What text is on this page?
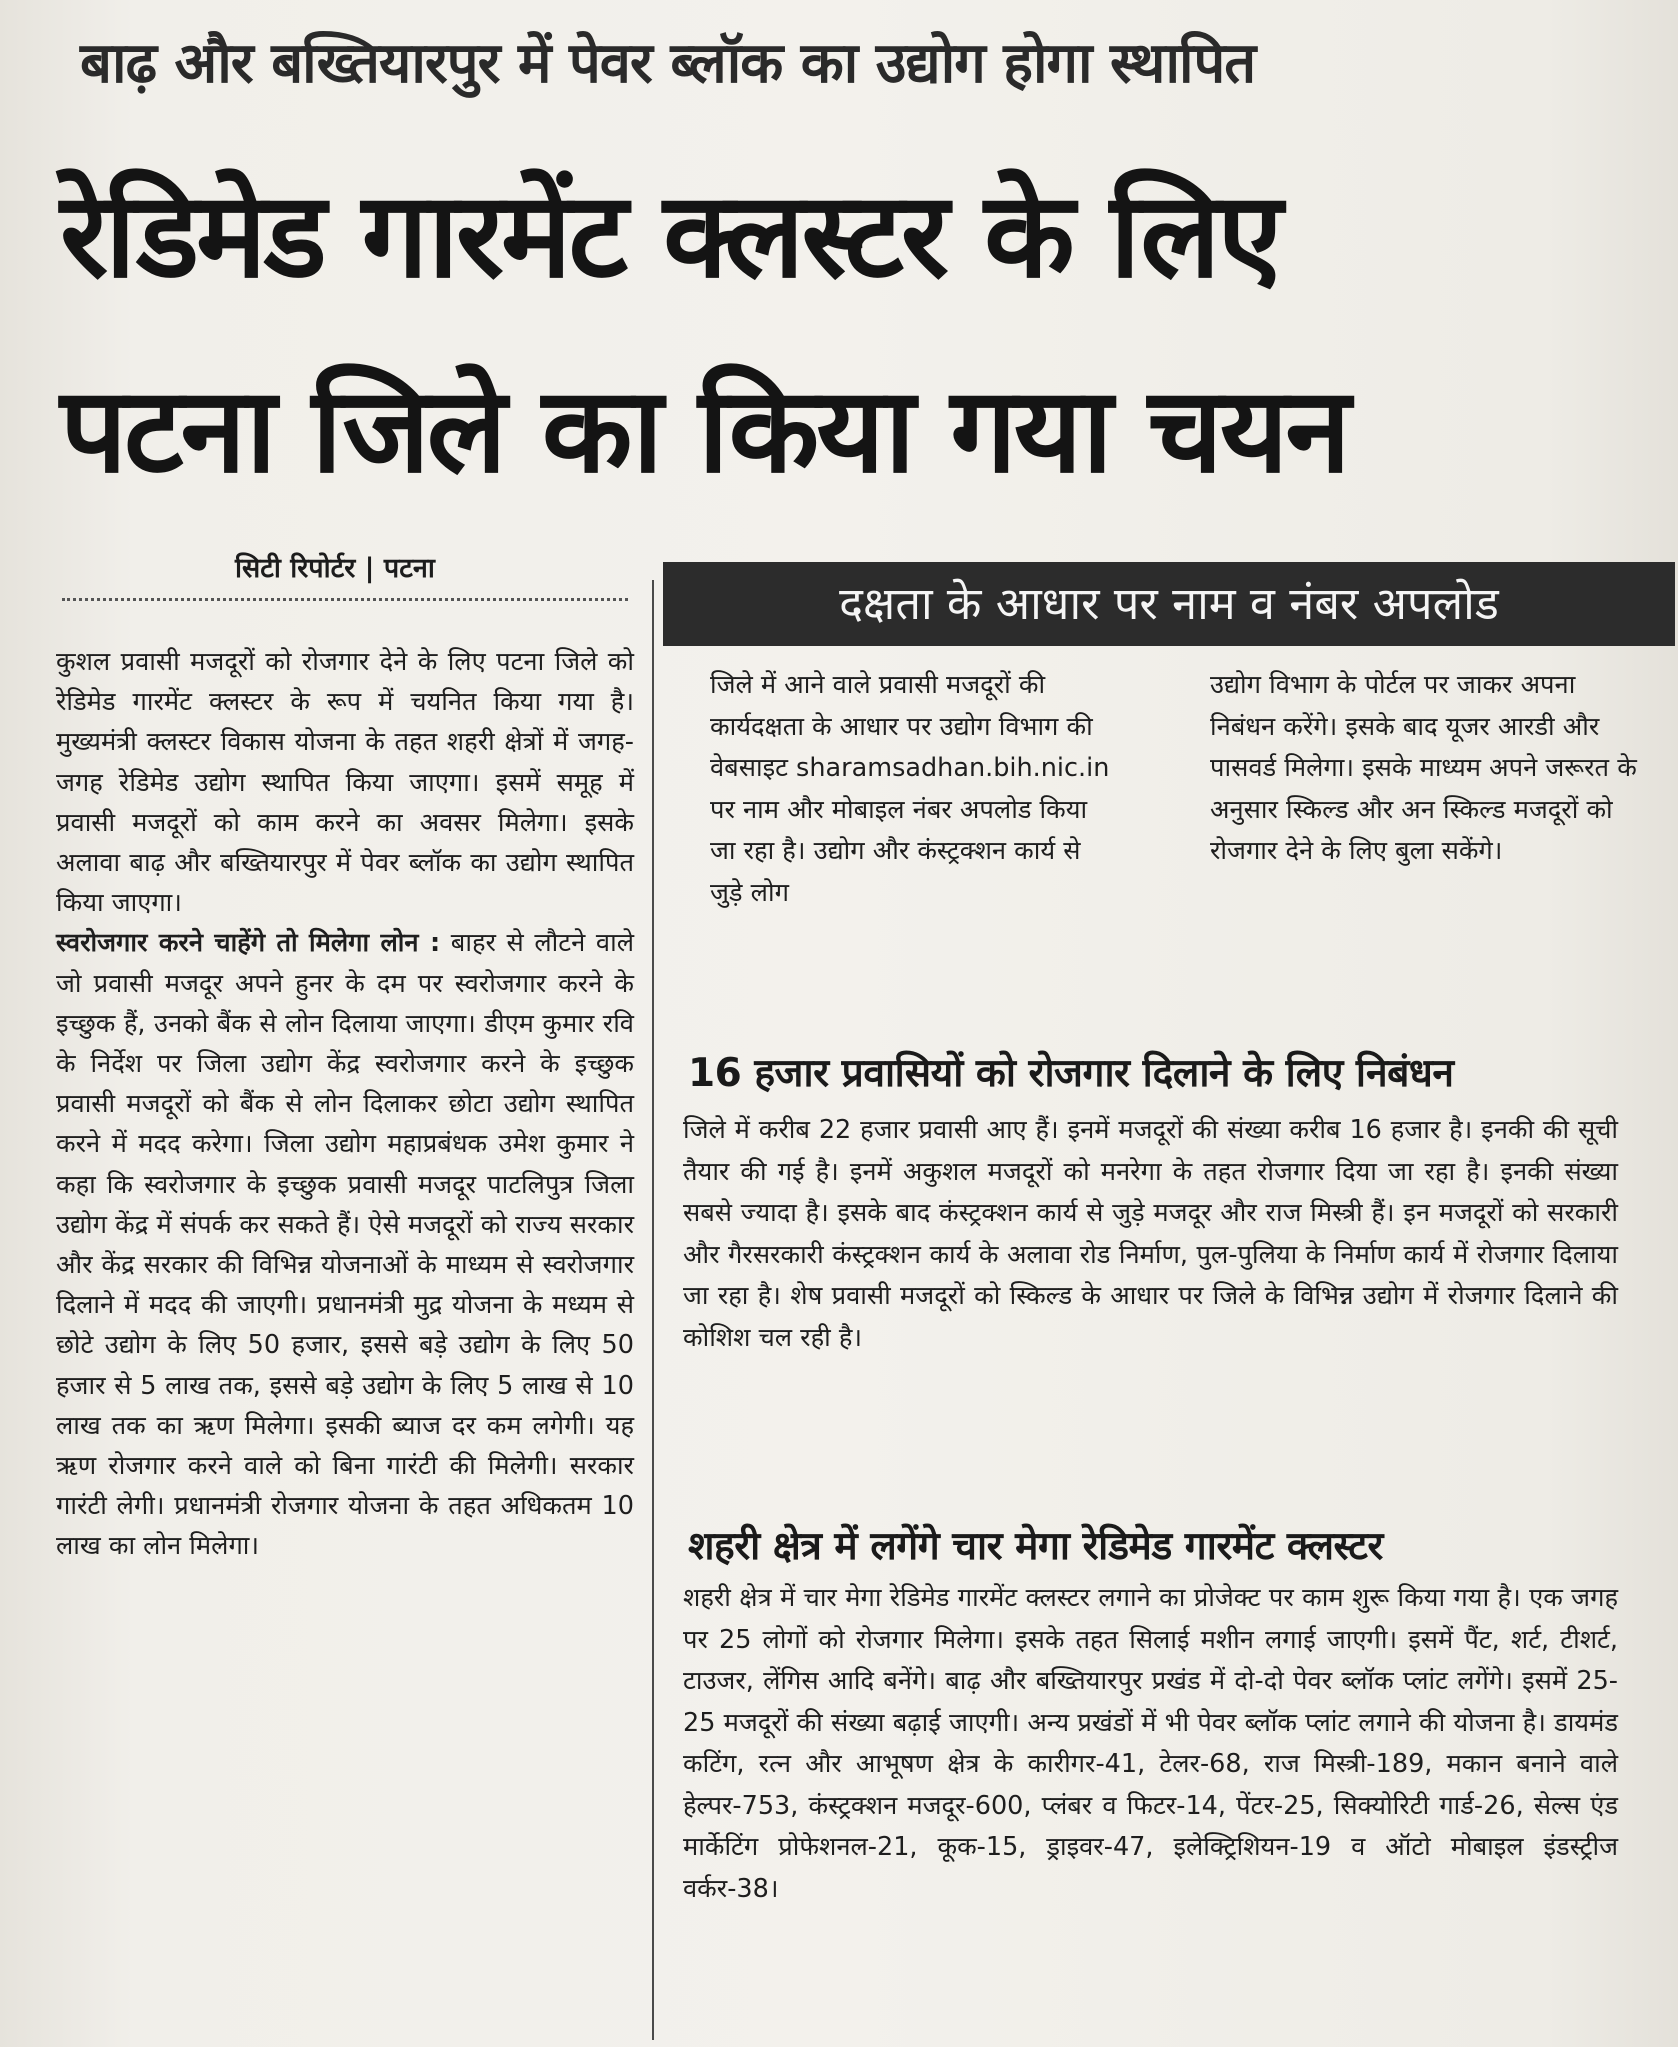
बाढ़ और बख्तियारपुर में पेवर ब्लॉक का उद्योग होगा स्थापित
रेडिमेड गारमेंट क्लस्टर के लिए
पटना जिले का किया गया चयन
सिटी रिपोर्टर | पटना

कुशल प्रवासी मजदूरों को रोजगार देने के लिए पटना जिले को रेडिमेड गारमेंट क्लस्टर के रूप में चयनित किया गया है। मुख्यमंत्री क्लस्टर विकास योजना के तहत शहरी क्षेत्रों में जगह-जगह रेडिमेड उद्योग स्थापित किया जाएगा। इसमें समूह में प्रवासी मजदूरों को काम करने का अवसर मिलेगा। इसके अलावा बाढ़ और बख्तियारपुर में पेवर ब्लॉक का उद्योग स्थापित किया जाएगा।

स्वरोजगार करने चाहेंगे तो मिलेगा लोन : बाहर से लौटने वाले जो प्रवासी मजदूर अपने हुनर के दम पर स्वरोजगार करने के इच्छुक हैं, उनको बैंक से लोन दिलाया जाएगा। डीएम कुमार रवि के निर्देश पर जिला उद्योग केंद्र स्वरोजगार करने के इच्छुक प्रवासी मजदूरों को बैंक से लोन दिलाकर छोटा उद्योग स्थापित करने में मदद करेगा। जिला उद्योग महाप्रबंधक उमेश कुमार ने कहा कि स्वरोजगार के इच्छुक प्रवासी मजदूर पाटलिपुत्र जिला उद्योग केंद्र में संपर्क कर सकते हैं। ऐसे मजदूरों को राज्य सरकार और केंद्र सरकार की विभिन्न योजनाओं के माध्यम से स्वरोजगार दिलाने में मदद की जाएगी। प्रधानमंत्री मुद्र योजना के मध्यम से छोटे उद्योग के लिए 50 हजार, इससे बड़े उद्योग के लिए 50 हजार से 5 लाख तक, इससे बड़े उद्योग के लिए 5 लाख से 10 लाख तक का ऋण मिलेगा। इसकी ब्याज दर कम लगेगी। यह ऋण रोजगार करने वाले को बिना गारंटी की मिलेगी। सरकार गारंटी लेगी। प्रधानमंत्री रोजगार योजना के तहत अधिकतम 10 लाख का लोन मिलेगा।

दक्षता के आधार पर नाम व नंबर अपलोड
जिले में आने वाले प्रवासी मजदूरों की कार्यदक्षता के आधार पर उद्योग विभाग की वेबसाइट sharamsadhan.bih.nic.in पर नाम और मोबाइल नंबर अपलोड किया जा रहा है। उद्योग और कंस्ट्रक्शन कार्य से जुड़े लोग
उद्योग विभाग के पोर्टल पर जाकर अपना निबंधन करेंगे। इसके बाद यूजर आरडी और पासवर्ड मिलेगा। इसके माध्यम अपने जरूरत के अनुसार स्किल्ड और अन स्किल्ड मजदूरों को रोजगार देने के लिए बुला सकेंगे।
16 हजार प्रवासियों को रोजगार दिलाने के लिए निबंधन
जिले में करीब 22 हजार प्रवासी आए हैं। इनमें मजदूरों की संख्या करीब 16 हजार है। इनकी की सूची तैयार की गई है। इनमें अकुशल मजदूरों को मनरेगा के तहत रोजगार दिया जा रहा है। इनकी संख्या सबसे ज्यादा है। इसके बाद कंस्ट्रक्शन कार्य से जुड़े मजदूर और राज मिस्त्री हैं। इन मजदूरों को सरकारी और गैरसरकारी कंस्ट्रक्शन कार्य के अलावा रोड निर्माण, पुल-पुलिया के निर्माण कार्य में रोजगार दिलाया जा रहा है। शेष प्रवासी मजदूरों को स्किल्ड के आधार पर जिले के विभिन्न उद्योग में रोजगार दिलाने की कोशिश चल रही है।
शहरी क्षेत्र में लगेंगे चार मेगा रेडिमेड गारमेंट क्लस्टर
शहरी क्षेत्र में चार मेगा रेडिमेड गारमेंट क्लस्टर लगाने का प्रोजेक्ट पर काम शुरू किया गया है। एक जगह पर 25 लोगों को रोजगार मिलेगा। इसके तहत सिलाई मशीन लगाई जाएगी। इसमें पैंट, शर्ट, टीशर्ट, टाउजर, लेंगिस आदि बनेंगे। बाढ़ और बख्तियारपुर प्रखंड में दो-दो पेवर ब्लॉक प्लांट लगेंगे। इसमें 25-25 मजदूरों की संख्या बढ़ाई जाएगी। अन्य प्रखंडों में भी पेवर ब्लॉक प्लांट लगाने की योजना है। डायमंड कटिंग, रत्न और आभूषण क्षेत्र के कारीगर-41, टेलर-68, राज मिस्त्री-189, मकान बनाने वाले हेल्पर-753, कंस्ट्रक्शन मजदूर-600, प्लंबर व फिटर-14, पेंटर-25, सिक्योरिटी गार्ड-26, सेल्स एंड मार्केटिंग प्रोफेशनल-21, कूक-15, ड्राइवर-47, इलेक्ट्रिशियन-19 व ऑटो मोबाइल इंडस्ट्रीज वर्कर-38।
